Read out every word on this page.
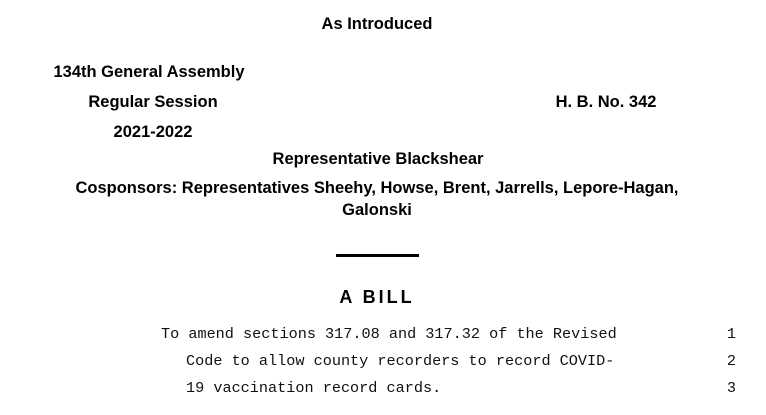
As Introduced
134th General Assembly
Regular Session
2021-2022
H. B. No. 342
Representative Blackshear
Cosponsors: Representatives Sheehy, Howse, Brent, Jarrells, Lepore-Hagan,
Galonski
A BILL
To amend sections 317.08 and 317.32 of the Revised	1
Code to allow county recorders to record COVID-	2
19 vaccination record cards.	3
